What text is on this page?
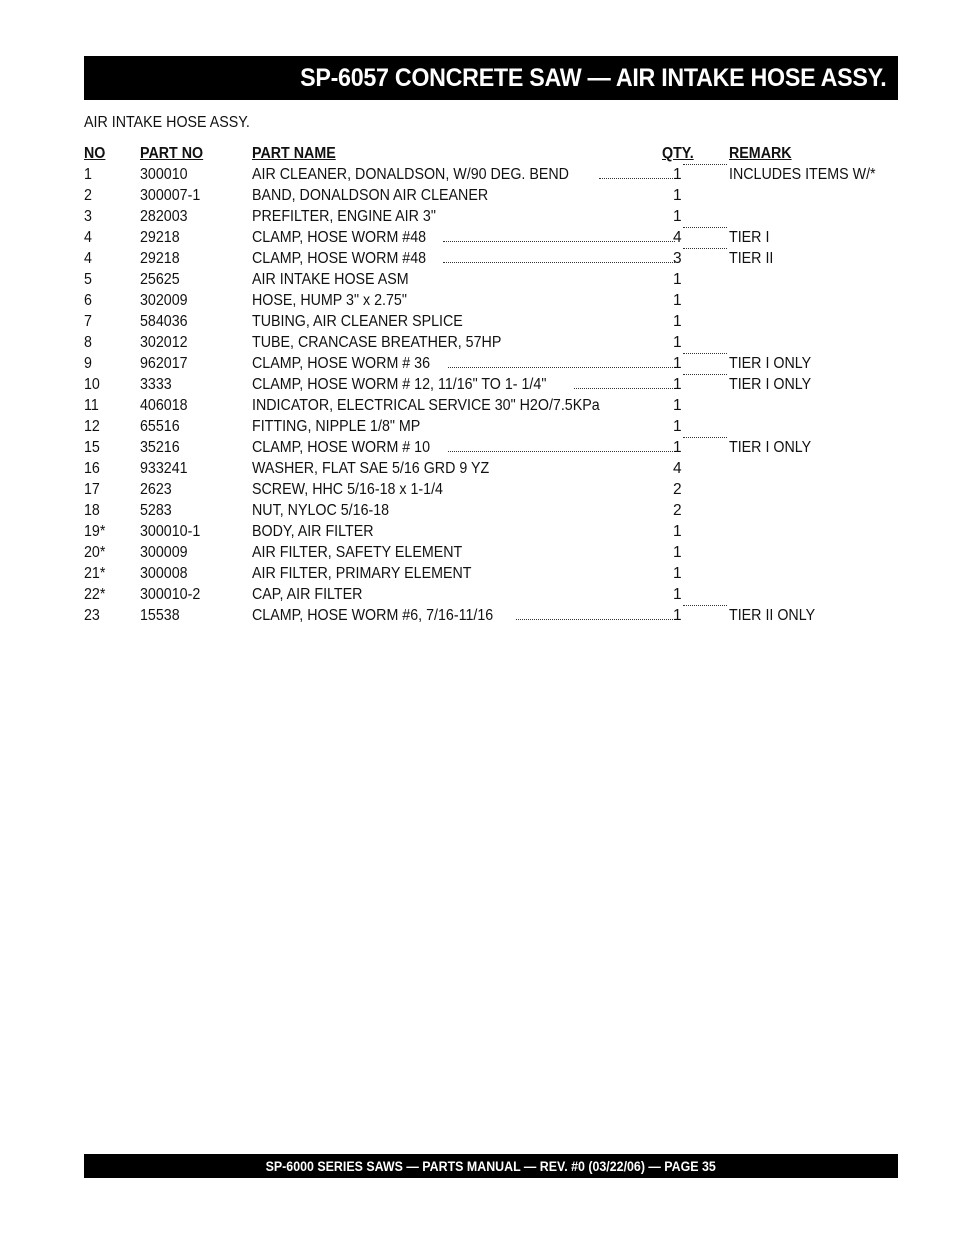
SP-6057 CONCRETE SAW — AIR INTAKE HOSE ASSY.
AIR INTAKE HOSE ASSY.
NO PART NO	PART NAME	QTY. REMARK
1	300010	AIR CLEANER, DONALDSON, W/90 DEG. BEND	1	INCLUDES ITEMS W/*
2	300007-1	BAND, DONALDSON AIR CLEANER	1
3	282003	PREFILTER, ENGINE AIR 3"	1
4	29218	CLAMP, HOSE WORM #48	4	TIER I
4	29218	CLAMP, HOSE WORM #48	3	TIER II
5	25625	AIR INTAKE HOSE ASM	1
6	302009	HOSE, HUMP 3" x 2.75"	1
7	584036	TUBING, AIR CLEANER SPLICE	1
8	302012	TUBE, CRANCASE BREATHER, 57HP	1
9	962017	CLAMP, HOSE WORM # 36	1	TIER I ONLY
10	3333	CLAMP, HOSE WORM # 12, 11/16" TO 1- 1/4"	1	TIER I ONLY
11	406018	INDICATOR, ELECTRICAL SERVICE 30" H2O/7.5KPa	1
12	65516	FITTING, NIPPLE 1/8" MP	1
15	35216	CLAMP, HOSE WORM # 10	1	TIER I ONLY
16	933241	WASHER, FLAT SAE 5/16 GRD 9 YZ	4
17	2623	SCREW, HHC 5/16-18 x 1-1/4	2
18	5283	NUT, NYLOC 5/16-18	2
19* 300010-1	BODY, AIR FILTER	1
20* 300009	AIR FILTER, SAFETY ELEMENT	1
21* 300008	AIR FILTER, PRIMARY ELEMENT	1
22* 300010-2	CAP, AIR FILTER	1
23	15538	CLAMP, HOSE WORM #6, 7/16-11/16	1	TIER II ONLY
SP-6000 SERIES SAWS — PARTS MANUAL — REV. #0 (03/22/06) — PAGE 35
